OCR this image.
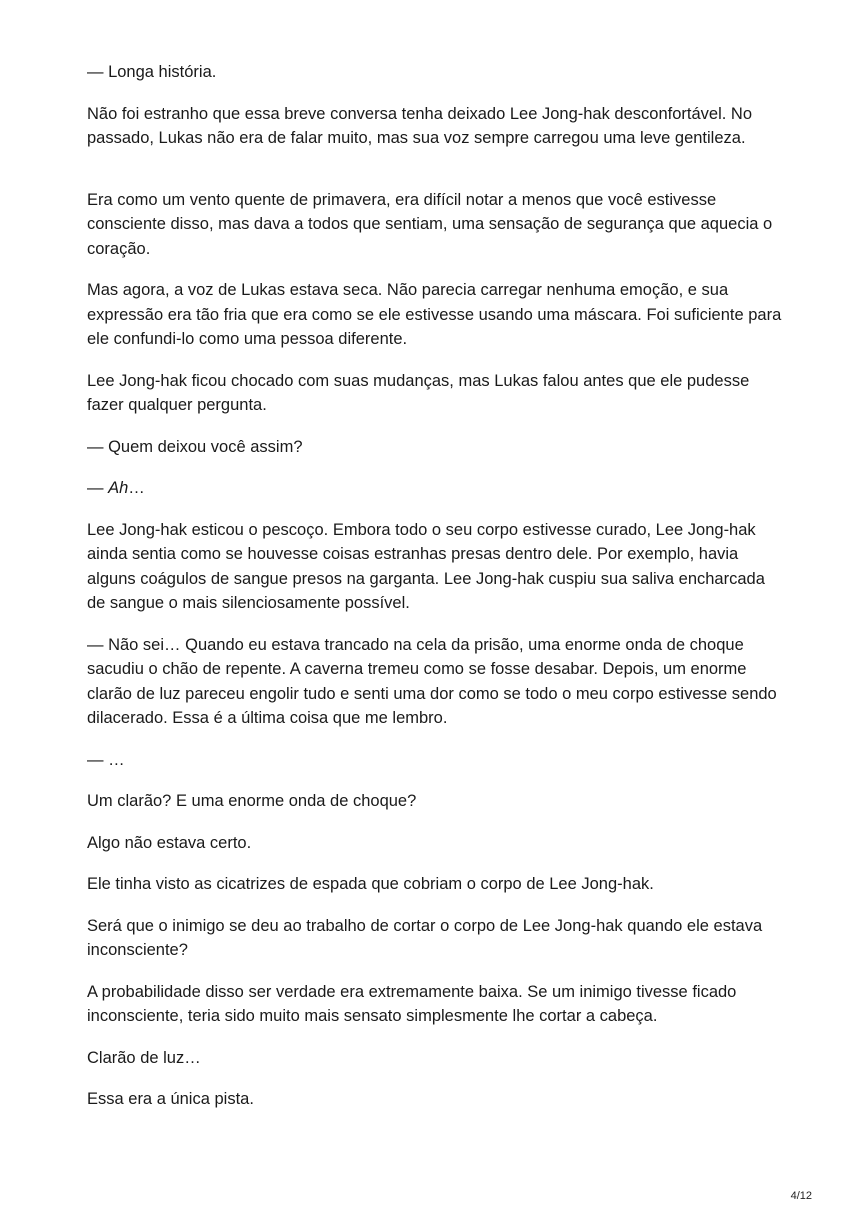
— Longa história.

Não foi estranho que essa breve conversa tenha deixado Lee Jong-hak desconfortável. No passado, Lukas não era de falar muito, mas sua voz sempre carregou uma leve gentileza.

Era como um vento quente de primavera, era difícil notar a menos que você estivesse consciente disso, mas dava a todos que sentiam, uma sensação de segurança que aquecia o coração.

Mas agora, a voz de Lukas estava seca. Não parecia carregar nenhuma emoção, e sua expressão era tão fria que era como se ele estivesse usando uma máscara. Foi suficiente para ele confundi-lo como uma pessoa diferente.

Lee Jong-hak ficou chocado com suas mudanças, mas Lukas falou antes que ele pudesse fazer qualquer pergunta.

— Quem deixou você assim?

— Ah…

Lee Jong-hak esticou o pescoço. Embora todo o seu corpo estivesse curado, Lee Jong-hak ainda sentia como se houvesse coisas estranhas presas dentro dele. Por exemplo, havia alguns coágulos de sangue presos na garganta. Lee Jong-hak cuspiu sua saliva encharcada de sangue o mais silenciosamente possível.

— Não sei… Quando eu estava trancado na cela da prisão, uma enorme onda de choque sacudiu o chão de repente. A caverna tremeu como se fosse desabar. Depois, um enorme clarão de luz pareceu engolir tudo e senti uma dor como se todo o meu corpo estivesse sendo dilacerado. Essa é a última coisa que me lembro.

— …

Um clarão? E uma enorme onda de choque?

Algo não estava certo.

Ele tinha visto as cicatrizes de espada que cobriam o corpo de Lee Jong-hak.

Será que o inimigo se deu ao trabalho de cortar o corpo de Lee Jong-hak quando ele estava inconsciente?

A probabilidade disso ser verdade era extremamente baixa. Se um inimigo tivesse ficado inconsciente, teria sido muito mais sensato simplesmente lhe cortar a cabeça.

Clarão de luz…

Essa era a única pista.

4/12
